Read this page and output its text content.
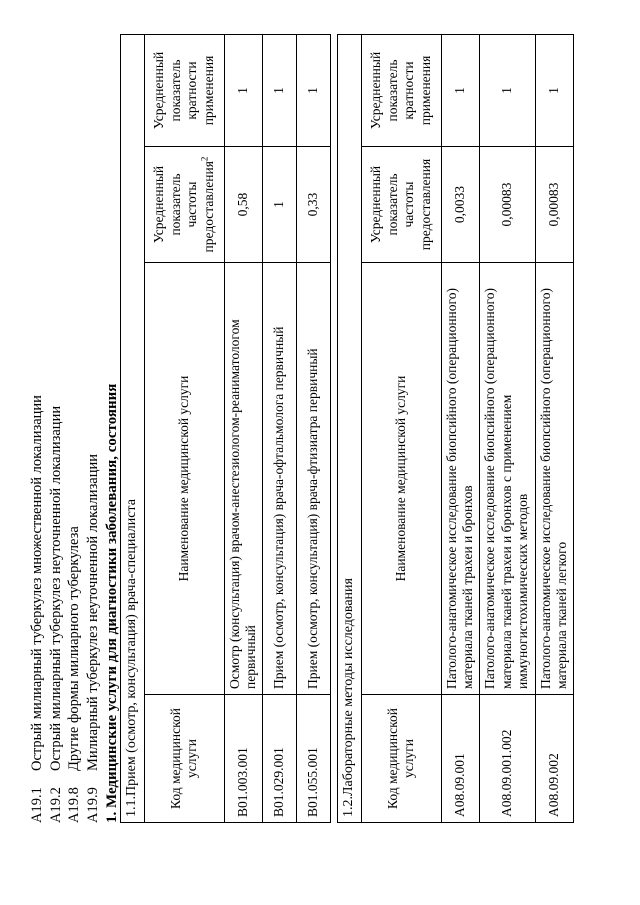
A19.1
Острый милиарный туберкулез множественной локализации
A19.2
Острый милиарный туберкулез неуточненной локализации
A19.8
Другие формы милиарного туберкулеза
A19.9
Милиарный туберкулез неуточненной локализации 1. Медицинские услуги для диагностики заболевания, состояния 1.1.Прием (осмотр, консультация) врача-специалиста			
Код медицинской услуги	Наименование медицинской услуги	Усредненный показатель частоты предоставления$^2$	Усредненный показатель кратности применения
B01.003.001	Осмотр (консультация) врачом-анестезиологом-реаниматологом первичный	0,58	1
B01.029.001	Прием (осмотр, консультация) врача-офтальмолога первичный	1	1
B01.055.001	Прием (осмотр, консультация) врача-фтизиатра первичный	0,33	1
1.2.Лабораторные методы исследования			
Код медицинской услуги	Наименование медицинской услуги	Усредненный показатель частоты предоставления	Усредненный показатель кратности применения
A08.09.001	Патолого-анатомическое исследование биопсийного (операционного) материала тканей трахеи и бронхов	0,0033	1
A08.09.001.002	Патолого-анатомическое исследование биопсийного (операционного) материала тканей трахеи и бронхов с применением иммуногистохимических методов	0,00083	1
A08.09.002	Патолого-анатомическое исследование биопсийного (операционного) материала тканей легкого	0,00083	1
